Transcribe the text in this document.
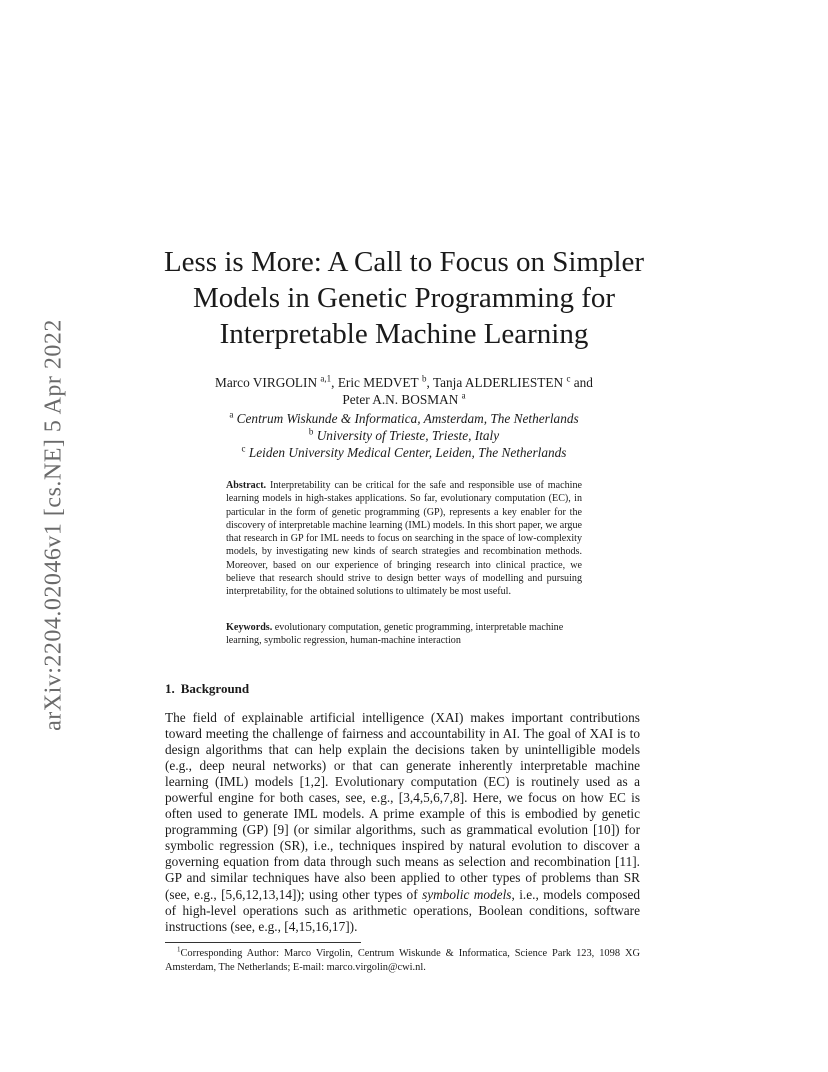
arXiv:2204.02046v1 [cs.NE] 5 Apr 2022
Less is More: A Call to Focus on Simpler Models in Genetic Programming for Interpretable Machine Learning
Marco VIRGOLIN $^{a,1}$, Eric MEDVET $^b$, Tanja ALDERLIESTEN $^c$ and
Peter A.N. BOSMAN $^a$
$^a$ Centrum Wiskunde & Informatica, Amsterdam, The Netherlands
$^b$ University of Trieste, Trieste, Italy
$^c$ Leiden University Medical Center, Leiden, The Netherlands
Abstract. Interpretability can be critical for the safe and responsible use of machine learning models in high-stakes applications. So far, evolutionary computation (EC), in particular in the form of genetic programming (GP), represents a key enabler for the discovery of interpretable machine learning (IML) models. In this short paper, we argue that research in GP for IML needs to focus on searching in the space of low-complexity models, by investigating new kinds of search strategies and recombination methods. Moreover, based on our experience of bringing research into clinical practice, we believe that research should strive to design better ways of modelling and pursuing interpretability, for the obtained solutions to ultimately be most useful.
Keywords. evolutionary computation, genetic programming, interpretable machine learning, symbolic regression, human-machine interaction
1. Background

The field of explainable artificial intelligence (XAI) makes important contributions toward meeting the challenge of fairness and accountability in AI. The goal of XAI is to design algorithms that can help explain the decisions taken by unintelligible models (e.g., deep neural networks) or that can generate inherently interpretable machine learning (IML) models [1,2]. Evolutionary computation (EC) is routinely used as a powerful engine for both cases, see, e.g., [3,4,5,6,7,8]. Here, we focus on how EC is often used to generate IML models. A prime example of this is embodied by genetic programming (GP) [9] (or similar algorithms, such as grammatical evolution [10]) for symbolic regression (SR), i.e., techniques inspired by natural evolution to discover a governing equation from data through such means as selection and recombination [11]. GP and similar techniques have also been applied to other types of problems than SR (see, e.g., [5,6,12,13,14]); using other types of symbolic models, i.e., models composed of high-level operations such as arithmetic operations, Boolean conditions, software instructions (see, e.g., [4,15,16,17]).

$^1$Corresponding Author: Marco Virgolin, Centrum Wiskunde & Informatica, Science Park 123, 1098 XG Amsterdam, The Netherlands; E-mail: marco.virgolin@cwi.nl.
